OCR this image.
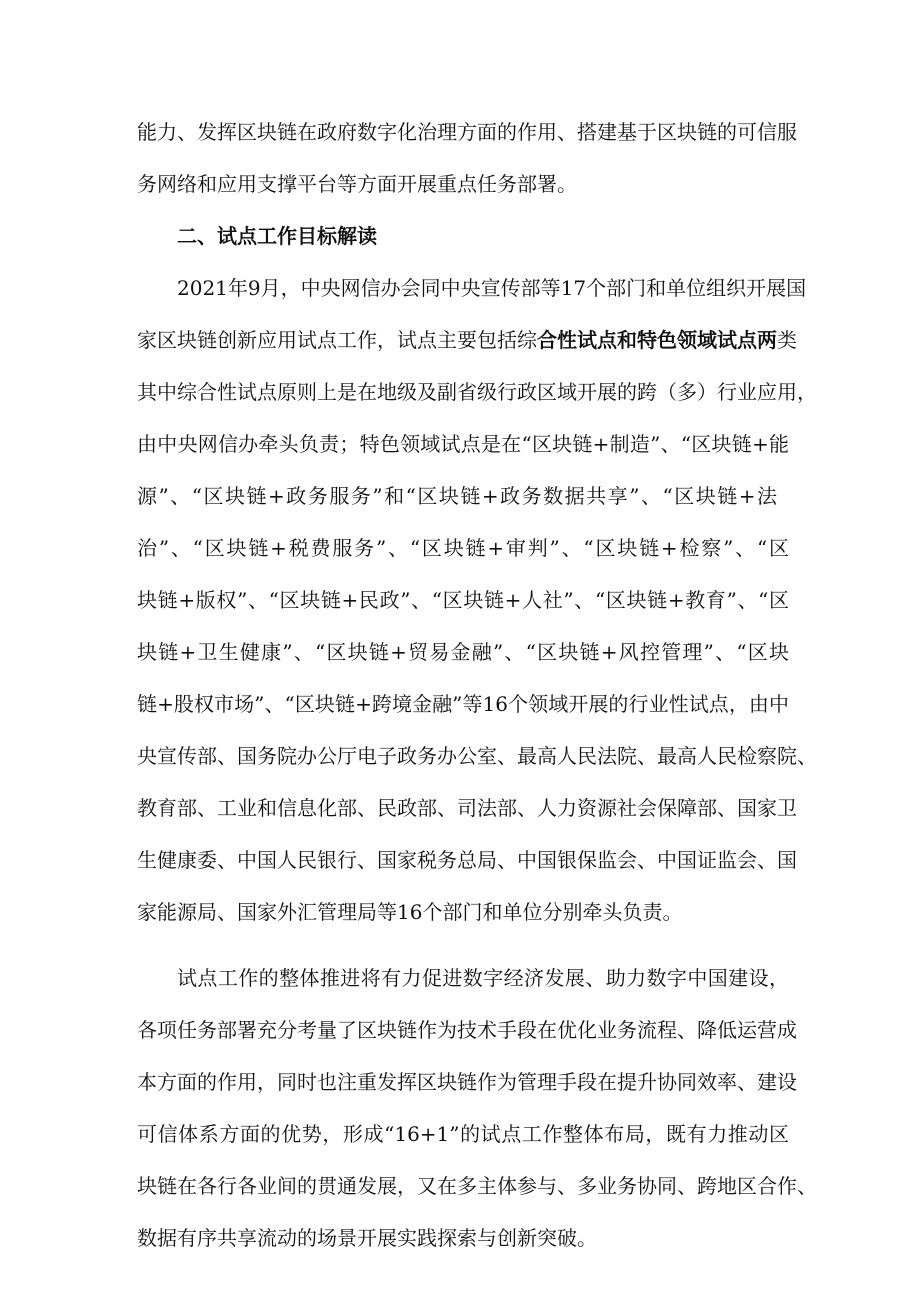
能力、发挥区块链在政府数字化治理方面的作用、搭建基于区块链的可信服
务网络和应用支撑平台等方面开展重点任务部署。
二、试点工作目标解读
2021年9月，中央网信办会同中央宣传部等17个部门和单位组织开展国
家区块链创新应用试点工作，试点主要包括综合性试点和特色领域试点两类
其中综合性试点原则上是在地级及副省级行政区域开展的跨（多）行业应用，
由中央网信办牵头负责；特色领域试点是在“区块链+制造”、“区块链+能
源”、“区块链+政务服务”和“区块链+政务数据共享”、“区块链+法
治”、“区块链+税费服务”、“区块链+审判”、“区块链+检察”、“区
块链+版权”、“区块链+民政”、“区块链+人社”、“区块链+教育”、“区
块链+卫生健康”、“区块链+贸易金融”、“区块链+风控管理”、“区块
链+股权市场”、“区块链+跨境金融”等16个领域开展的行业性试点，由中
央宣传部、国务院办公厅电子政务办公室、最高人民法院、最高人民检察院、
教育部、工业和信息化部、民政部、司法部、人力资源社会保障部、国家卫
生健康委、中国人民银行、国家税务总局、中国银保监会、中国证监会、国
家能源局、国家外汇管理局等16个部门和单位分别牵头负责。
试点工作的整体推进将有力促进数字经济发展、助力数字中国建设，
各项任务部署充分考量了区块链作为技术手段在优化业务流程、降低运营成
本方面的作用，同时也注重发挥区块链作为管理手段在提升协同效率、建设
可信体系方面的优势，形成“16+1”的试点工作整体布局，既有力推动区
块链在各行各业间的贯通发展，又在多主体参与、多业务协同、跨地区合作、
数据有序共享流动的场景开展实践探索与创新突破。
